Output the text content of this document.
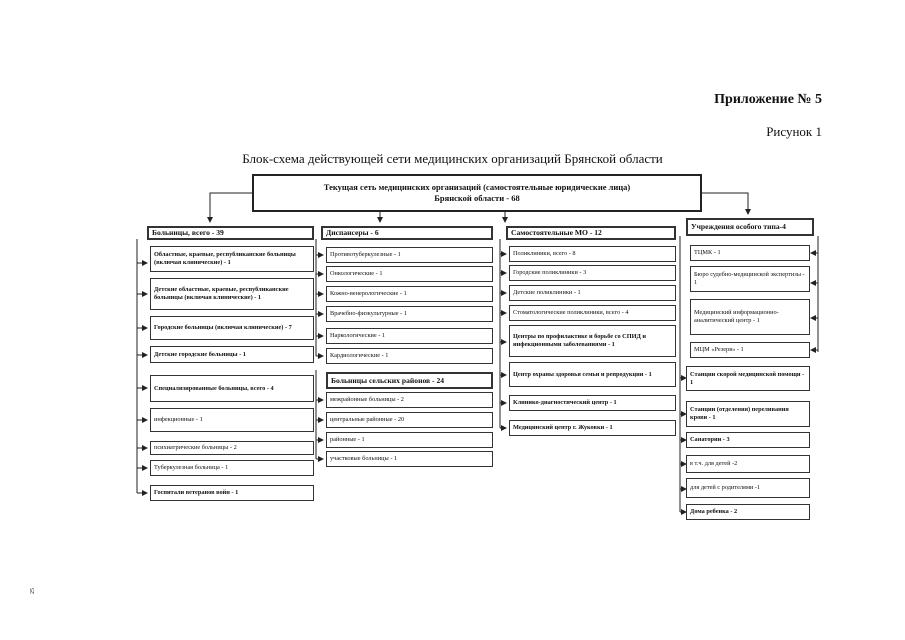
Приложение № 5
Рисунок 1
Блок-схема действующей сети медицинских организаций Брянской области
Текущая сеть медицинских организаций (самостоятельные юридические лица)
Брянской области - 68
Больницы, всего - 39
Областные, краевые, республиканские больницы (включая клинические) - 1
Детские областные, краевые, республиканские больницы (включая клинические) - 1
Городские больницы (включая клинические) - 7
Детские городские больницы - 1
Специализированные больницы, всего - 4
инфекционные - 1
психиатрические больницы - 2
Туберкулезная больница - 1
Госпитали ветеранов войн - 1
Диспансеры - 6
Противотуберкулезные - 1
Онкологические - 1
Кожно-венерологические - 1
Врачебно-физкультурные - 1
Наркологические - 1
Кардиологические - 1
Больницы сельских районов - 24
межрайонные больницы - 2
центральные районные - 20
районные - 1
участковые больницы - 1
Самостоятельные МО - 12
Поликлиники, всего - 8
Городские поликлиники - 3
Детские поликлиники - 1
Стоматологические поликлиники, всего - 4
Центры по профилактике и борьбе со СПИД и инфекционными заболеваниями - 1
Центр охраны здоровья семьи и репродукции - 1
Клинико-диагностический центр - 1
Медицинский центр г. Жуковки - 1
Учреждения особого типа-4
ТЦМК - 1
Бюро судебно-медицинской экспертизы - 1
Медицинский информационно-аналитический центр - 1
МЦМ «Резерв» - 1
Станции скорой медицинской помощи - 1
Станции (отделения) переливания крови - 1
Санатории - 3
в т.ч. для детей -2
для детей с родителями -1
Дома ребенка - 2
25
